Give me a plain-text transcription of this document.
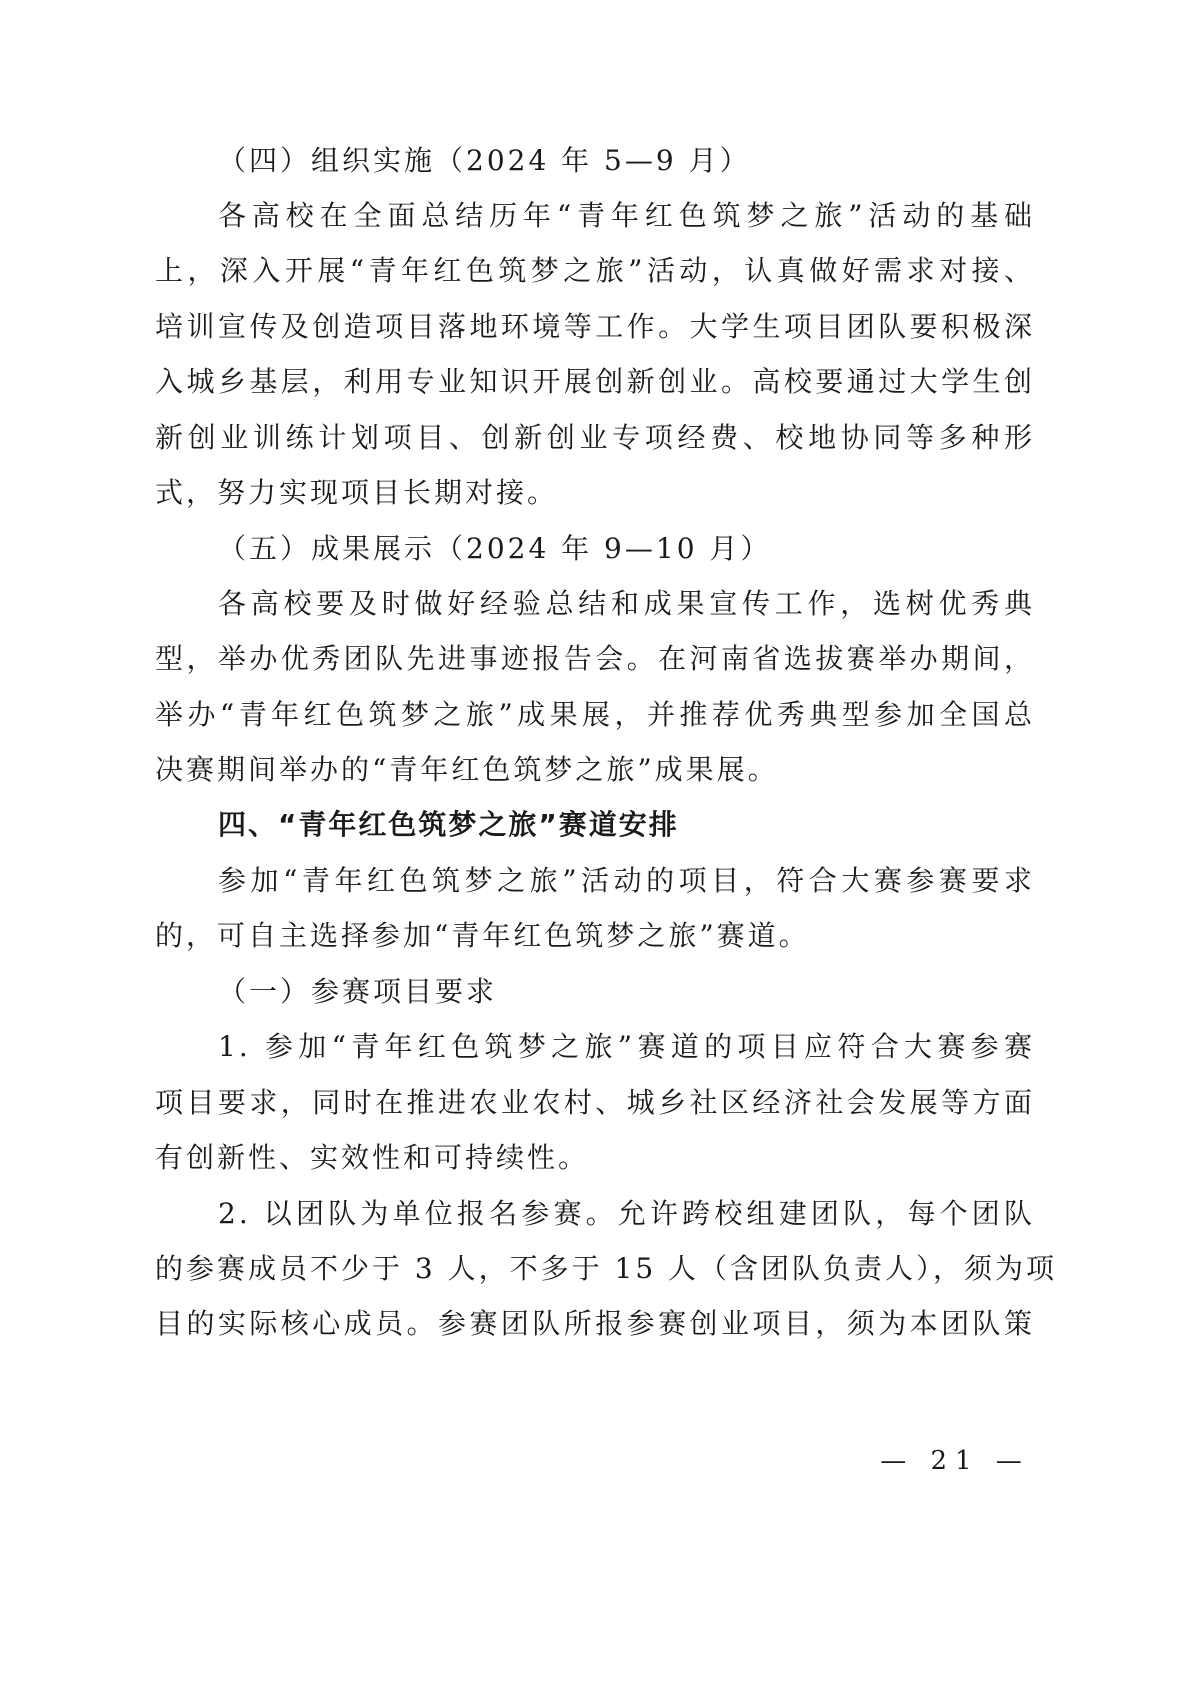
（四）组织实施（2024 年 5—9 月）
各高校在全面总结历年“青年红色筑梦之旅”活动的基础
上，深入开展“青年红色筑梦之旅”活动，认真做好需求对接、
培训宣传及创造项目落地环境等工作。大学生项目团队要积极深
入城乡基层，利用专业知识开展创新创业。高校要通过大学生创
新创业训练计划项目、创新创业专项经费、校地协同等多种形
式，努力实现项目长期对接。
（五）成果展示（2024 年 9—10 月）
各高校要及时做好经验总结和成果宣传工作，选树优秀典
型，举办优秀团队先进事迹报告会。在河南省选拔赛举办期间，
举办“青年红色筑梦之旅”成果展，并推荐优秀典型参加全国总
决赛期间举办的“青年红色筑梦之旅”成果展。
四、“青年红色筑梦之旅”赛道安排
参加“青年红色筑梦之旅”活动的项目，符合大赛参赛要求
的，可自主选择参加“青年红色筑梦之旅”赛道。
（一）参赛项目要求
1. 参加“青年红色筑梦之旅”赛道的项目应符合大赛参赛
项目要求，同时在推进农业农村、城乡社区经济社会发展等方面
有创新性、实效性和可持续性。
2. 以团队为单位报名参赛。允许跨校组建团队，每个团队
的参赛成员不少于 3 人，不多于 15 人（含团队负责人），须为项
目的实际核心成员。参赛团队所报参赛创业项目，须为本团队策
— 21 —
